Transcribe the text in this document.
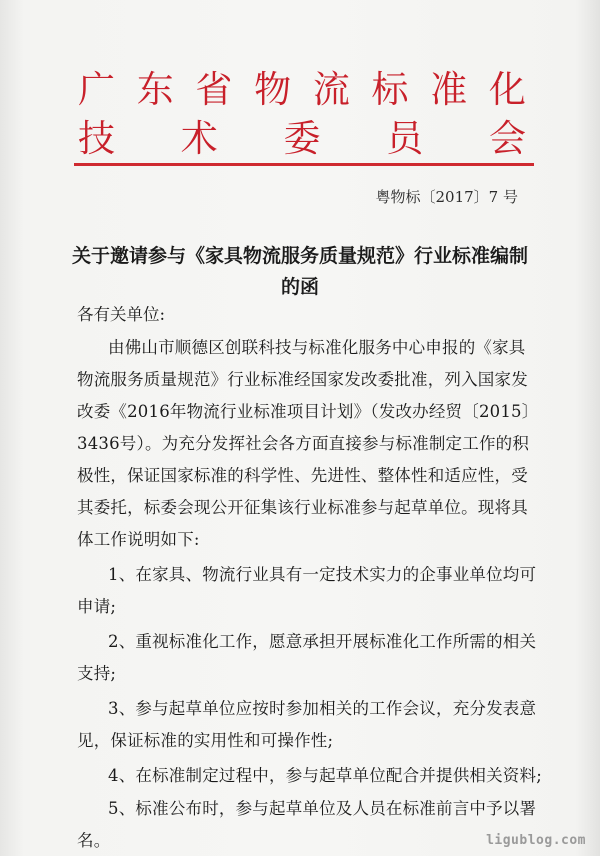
广 东 省 物 流 标 准 化
技 术 委 员 会
粤物标〔2017〕7 号
关于邀请参与《家具物流服务质量规范》行业标准编制
的函
各有关单位:
由佛山市顺德区创联科技与标准化服务中心申报的《家具
物流服务质量规范》行业标准经国家发改委批准，列入国家发
改委《2016年物流行业标准项目计划》（发改办经贸〔2015〕
3436号）。为充分发挥社会各方面直接参与标准制定工作的积
极性，保证国家标准的科学性、先进性、整体性和适应性，受
其委托，标委会现公开征集该行业标准参与起草单位。现将具
体工作说明如下:
1、在家具、物流行业具有一定技术实力的企事业单位均可
申请;
2、重视标准化工作，愿意承担开展标准化工作所需的相关
支持;
3、参与起草单位应按时参加相关的工作会议，充分发表意
见，保证标准的实用性和可操作性;
4、在标准制定过程中，参与起草单位配合并提供相关资料;
5、标准公布时，参与起草单位及人员在标准前言中予以署
名。	ligublog.com
